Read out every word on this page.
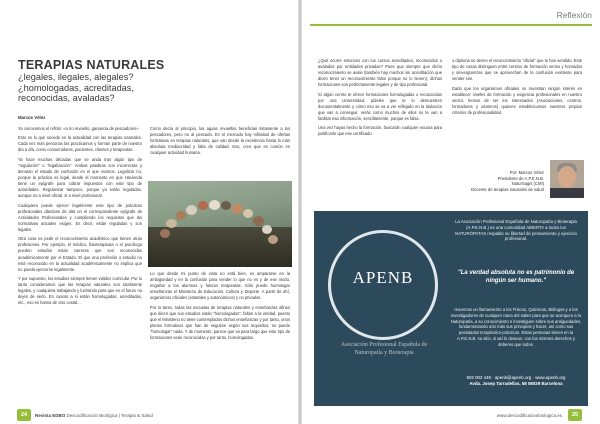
TERAPIAS NATURALES
¿legales, ilegales, alegales? ¿homologadas, acreditadas, reconocidas, avaladas?
Marcos Vélez

Ya conocemos el refrán: «a río revuelto, ganancia de pescadores»

Esto es lo que sucede en la actualidad con las terapias naturales. Cada vez más personas las practicamos y forman parte de nuestro día a día, como consumidores, pacientes, clientes y terapeutas.

Ya hace muchas décadas que se anda tras algún tipo de "regulación" o "legalización". Ambas palabras son incorrectas y denotan el estado de confusión en el que vivimos. Legalizar no, porque la práctica es legal, desde el momento en que Hacienda tiene un epígrafe para cobrar impuestos con este tipo de actividades. Regularizar tampoco, porque ya están reguladas, aunque no a nivel oficial, sí a nivel profesional.

Cualquiera puede ejercer legalmente este tipo de prácticas profesionales dándose de alta en el correspondiente epígrafe de Actividades Profesionales y cumpliendo los requisitos que las normativas actuales exigen. Es decir, están reguladas y son legales.

Otra cosa es pedir el reconocimiento académico que tienen otras profesiones. Por ejemplo, el médico, fisioterapeuta o el psicólogo pueden estudiar estas carreras que son reconocidas académicamente por el Estado. El que una profesión o estudio no esté reconocido en la actualidad académicamente no implica que no pueda ejercerse legalmente.

Y por supuesto, los estudios siempre tienen validez curricular. Por lo tanto consideramos que las terapias naturales son totalmente legales, y cualquiera trabajando y luchando para que en el futuro no dejen de serlo. En cuanto a si están homologadas, acreditadas, etc., eso es harina de otro costal...

Como decía al principio, las aguas revueltas benefician listamente a los pescadores, pero no al pescado. En el mercado hay infinidad de ofertas formativas en terapias naturales, que van desde la excelencia hasta la más absoluta mediocridad y falta de calidad. Eso, creo que es común en cualquier actividad humana.

Lo que desde mi punto de vista no está bien, es ampararse en la ambigüedad y en la confusión para vender lo que no es y de ese modo, engañar a los alumnos y futuros terapeutas. Sólo puede homologar enseñanzas el Ministerio de Educación, Cultura y Deporte. A partir de ahí, organismos oficiales (estatales y autonómicos) y no privados.

Por lo tanto, todas las escuelas de terapias naturales y enseñanzas afines que dicen que sus estudios están "homologados", faltan a la verdad, puesto que el Ministerio no tiene contemplados dichos enseñanzas y por tanto, unos planes formativos que han de seguirse según sus requisitos, no puede "homologar" nada. Y de momento, parece que va para largo que este tipo de formaciones sean reconocidas y por tanto, homologadas.

24	Revista EDBO Descodificación Biológica | Terapia & Salud
Reflexión

¿Qué ocurre entonces con los cursos acreditados, reconocidos o avalados por entidades privadas? Pues que siempre que dicho reconocimiento se avale (también hay muchos sin acreditación que dicen tener un reconocimiento falso porque no lo tienen), dichas formaciones son perfectamente legales y de tipo profesional.

Sí algún centro te ofrece formaciones homologadas o reconocidas por una Universidad, pídeles que te lo demuestren documentalmente y cómo eso se va a ver reflejado en la titulación que vas a conseguir, verás como muchos de ellos no te van a facilitar esa información, sencillamente, porque es falsa.

Una vez hayas hecho la formación, buscarán cualquier excusa para justificarle que ese certificado

o diploma no tienen el reconocimiento "oficial" que te han vendido. Este tipo de cosas distinguen entre centros de formación serios y honrados y sinvergüenzas que se aprovechan de la confusión existente para vender sire.

Dado que los organismos oficiales no muestran ningún interés en establecer niveles de formación y exigencia profesionales en nuestro sector, hemos de ser los interesados (Asociaciones, centros, formadores y alumnos) quienes establezcamos nuestros propios criterios de profesionalidad.

Por: Marcos Vélez
Presidente de A.P.E.N.B.
NaturSagis (CMI)
Docente de terapias naturales de salud
APENB
Asociación Profesional Española de Naturopatía y Bioterapia
La Asociación Profesional Española de Naturopatía y Bioterapia (A.P.E.N.B.) es una comunidad ABIERTA a todos los NATURÓPATAS respaldo su libertad de pensamiento y ejercicio profesional.
"La verdad absoluta no es patrimonio de ningún ser humano."
Hacemos un llamamiento a los Físicos, Químicos, Biólogos y a los investigadores de cualquier rama del saber para que se acerquen a la Naturopatía, a su conocimiento e investiguen sobre sus antiguedades, fundamentando aún más sus principios y hacer, así como sus postulados terapéutico-prácticos. Estas personas tienen en la A.P.E.N.B. su sitio, si así lo desean, con los mismos derechos y deberes que todos.
902 002 449 · apenb@apenb.org · www.apenb.org
Avda. Josep Tarradellas, 58 08029 Barcelona
www.descodificacionbiologica.es	25
